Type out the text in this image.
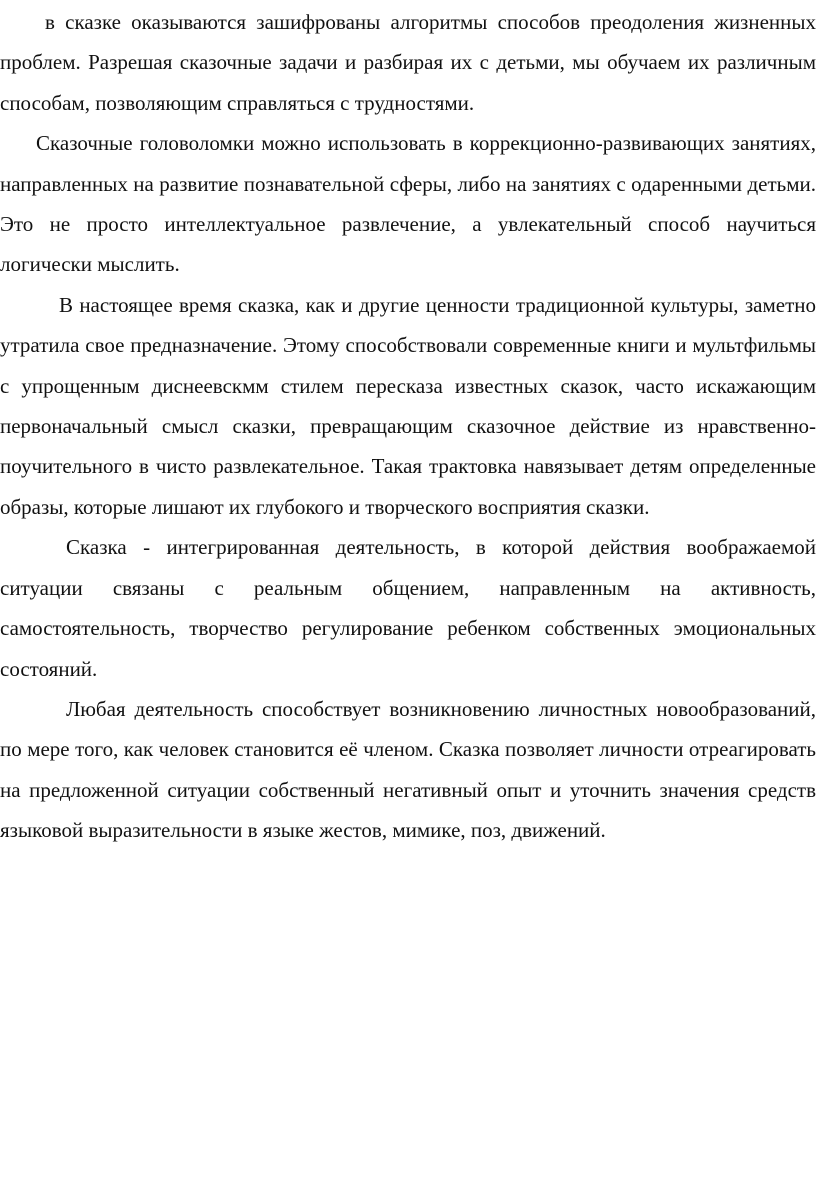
в сказке оказываются зашифрованы алгоритмы способов преодоления жизненных проблем. Разрешая сказочные задачи и разбирая их с детьми, мы обучаем их различным способам, позволяющим справляться с трудностями.

Сказочные головоломки можно использовать в коррекционно-развивающих занятиях, направленных на развитие познавательной сферы, либо на занятиях с одаренными детьми. Это не просто интеллектуальное развлечение, а увлекательный способ научиться логически мыслить.

В настоящее время сказка, как и другие ценности традиционной культуры, заметно утратила свое предназначение. Этому способствовали современные книги и мультфильмы с упрощенным диснеевскмм стилем пересказа известных сказок, часто искажающим первоначальный смысл сказки, превращающим сказочное действие из нравственно-поучительного в чисто развлекательное. Такая трактовка навязывает детям определенные образы, которые лишают их глубокого и творческого восприятия сказки.

Сказка - интегрированная деятельность, в которой действия воображаемой ситуации связаны с реальным общением, направленным на активность, самостоятельность, творчество регулирование ребенком собственных эмоциональных состояний.

Любая деятельность способствует возникновению личностных новообразований, по мере того, как человек становится её членом. Сказка позволяет личности отреагировать на предложенной ситуации собственный негативный опыт и уточнить значения средств языковой выразительности в языке жестов, мимике, поз, движений.
